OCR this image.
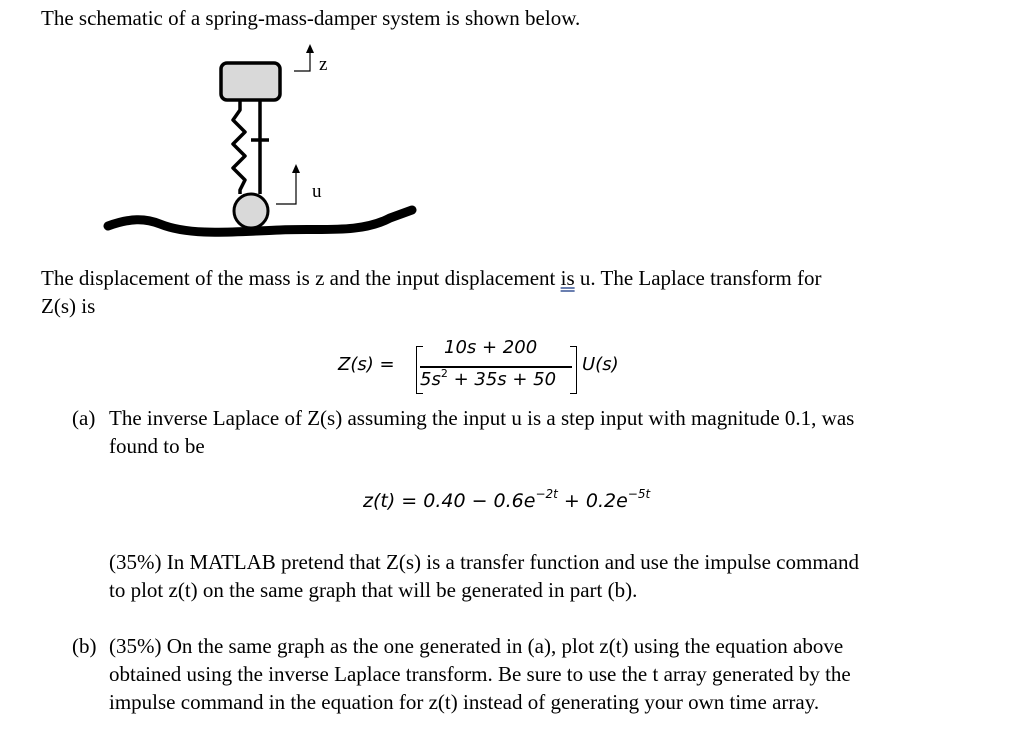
The schematic of a spring-mass-damper system is shown below.
z
u
The displacement of the mass is z and the input displacement is u. The Laplace transform for
Z(s) is
Z(s) =
10s + 200
$5s^2 + 35s + 50$
U(s)
(a) The inverse Laplace of Z(s) assuming the input u is a step input with magnitude 0.1, was
found to be
$z(t) = 0.40 - 0.6e^{-2t} + 0.2e^{-5t}$
(35%) In MATLAB pretend that Z(s) is a transfer function and use the impulse command
to plot z(t) on the same graph that will be generated in part (b).
(b) (35%) On the same graph as the one generated in (a), plot z(t) using the equation above
obtained using the inverse Laplace transform. Be sure to use the t array generated by the
impulse command in the equation for z(t) instead of generating your own time array.
